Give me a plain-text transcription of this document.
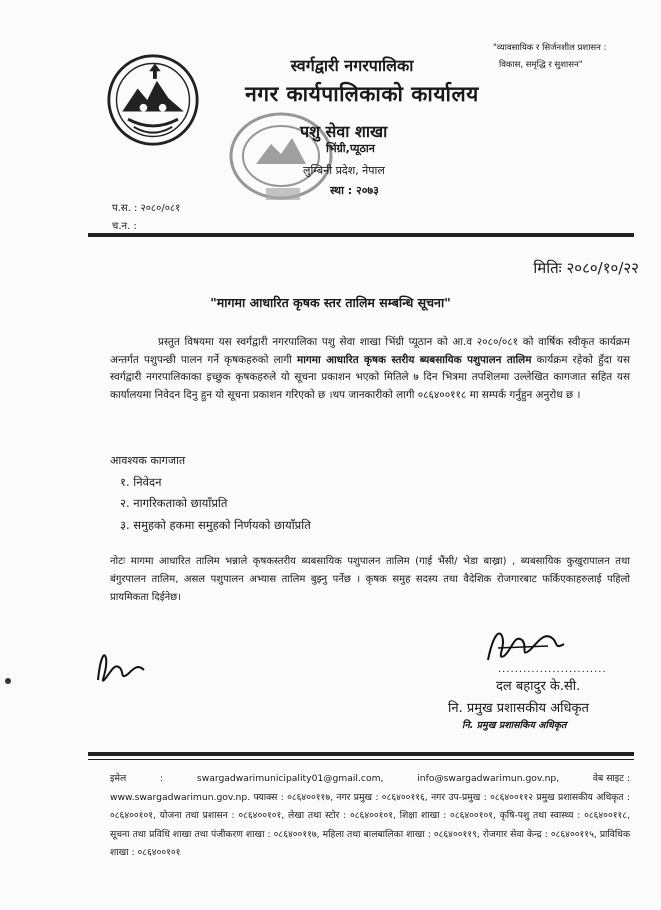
"व्यावसायिक र सिर्जनशील प्रशासन :
विकास, समृद्धि र सुशासन"
स्वर्गद्वारी नगरपालिका
नगर कार्यपालिकाको कार्यालय
पशु सेवा शाखा
भिंग्री,प्यूठान
लुम्बिनी प्रदेश, नेपाल
स्था : २०७३
प.स. : २०८०/०८१
च.न. :
मितिः २०८०/१०/२२
"मागमा आधारित कृषक स्तर तालिम सम्बन्धि सूचना"
प्रस्तुत विषयमा यस स्वर्गद्वारी नगरपालिका पशु सेवा शाखा भिंग्री प्यूठान को आ.व २०८०/०८१ को वार्षिक स्वीकृत कार्यक्रम अन्तर्गत पशुपन्छी पालन गर्ने कृषकहरुको लागी मागमा आधारित कृषक स्तरीय ब्यबसायिक पशुपालन तालिम कार्यक्रम रहेको हुँदा यस स्वर्गद्वारी नगरपालिकाका इच्छुक कृषकहरुले यो सूचना प्रकाशन भएको मितिले ७ दिन भित्रमा तपशिलमा उल्लेखित कागजात सहित यस कार्यालयमा निवेदन दिनु हुन यो सूचना प्रकाशन गरिएको छ ।थप जानकारीको लागी ०८६४००११८ मा सम्पर्क गर्नुहुन अनुरोध छ ।
आवश्यक कागजात
१. निवेदन
२. नागरिकताको छायाँप्रति
३. समुहको हकमा समुहको निर्णयको छायाँप्रति
नोटः मागमा आधारित तालिम भन्नाले कृषकस्तरीय ब्यबसायिक पशुपालन तालिम (गाई भैंसी/ भेडा बाख्रा) , ब्यबसायिक कुखुरापालन तथा बंगुरपालन तालिम, असल पशुपालन अभ्यास तालिम बुझ्नु पर्नेछ । कृषक समुह सदस्य तथा वैदेशिक रोजगारबाट फर्किएकाहरुलाई पहिलो प्रायमिकता दिईनेछ।
..........................
दल बहादुर के.सी.
नि. प्रमुख प्रशासकीय अधिकृत
नि. प्रमुख प्रशासकिय अधिकृत
इमेल	:	swargadwarimunicipality01@gmail.com,	info@swargadwarimun.gov.np,	वेब साइट :
www.swargadwarimun.gov.np. फ्याक्स : ०८६४००११७, नगर प्रमुख : ०८६४००११६, नगर उप-प्रमुख : ०८६४००११२ प्रमुख प्रशासकीय अधिकृत : ०८६४००१०१, योजना तथा प्रशासन : ०८६४००१०१, लेखा तथा स्टोर : ०८६४००१०१, शिक्षा शाखा : ०८६४००१०१, कृषि-पशु तथा स्वास्थ्य : ०८६४००११८, सूचना तथा प्रविधि शाखा तथा पंजीकरण शाखा : ०८६४००११७, महिला तथा बालबालिका शाखा : ०८६४००११९, रोजगार सेवा केन्द्र : ०८६४००११५, प्राविधिक शाखा : ०८६४००१०१
